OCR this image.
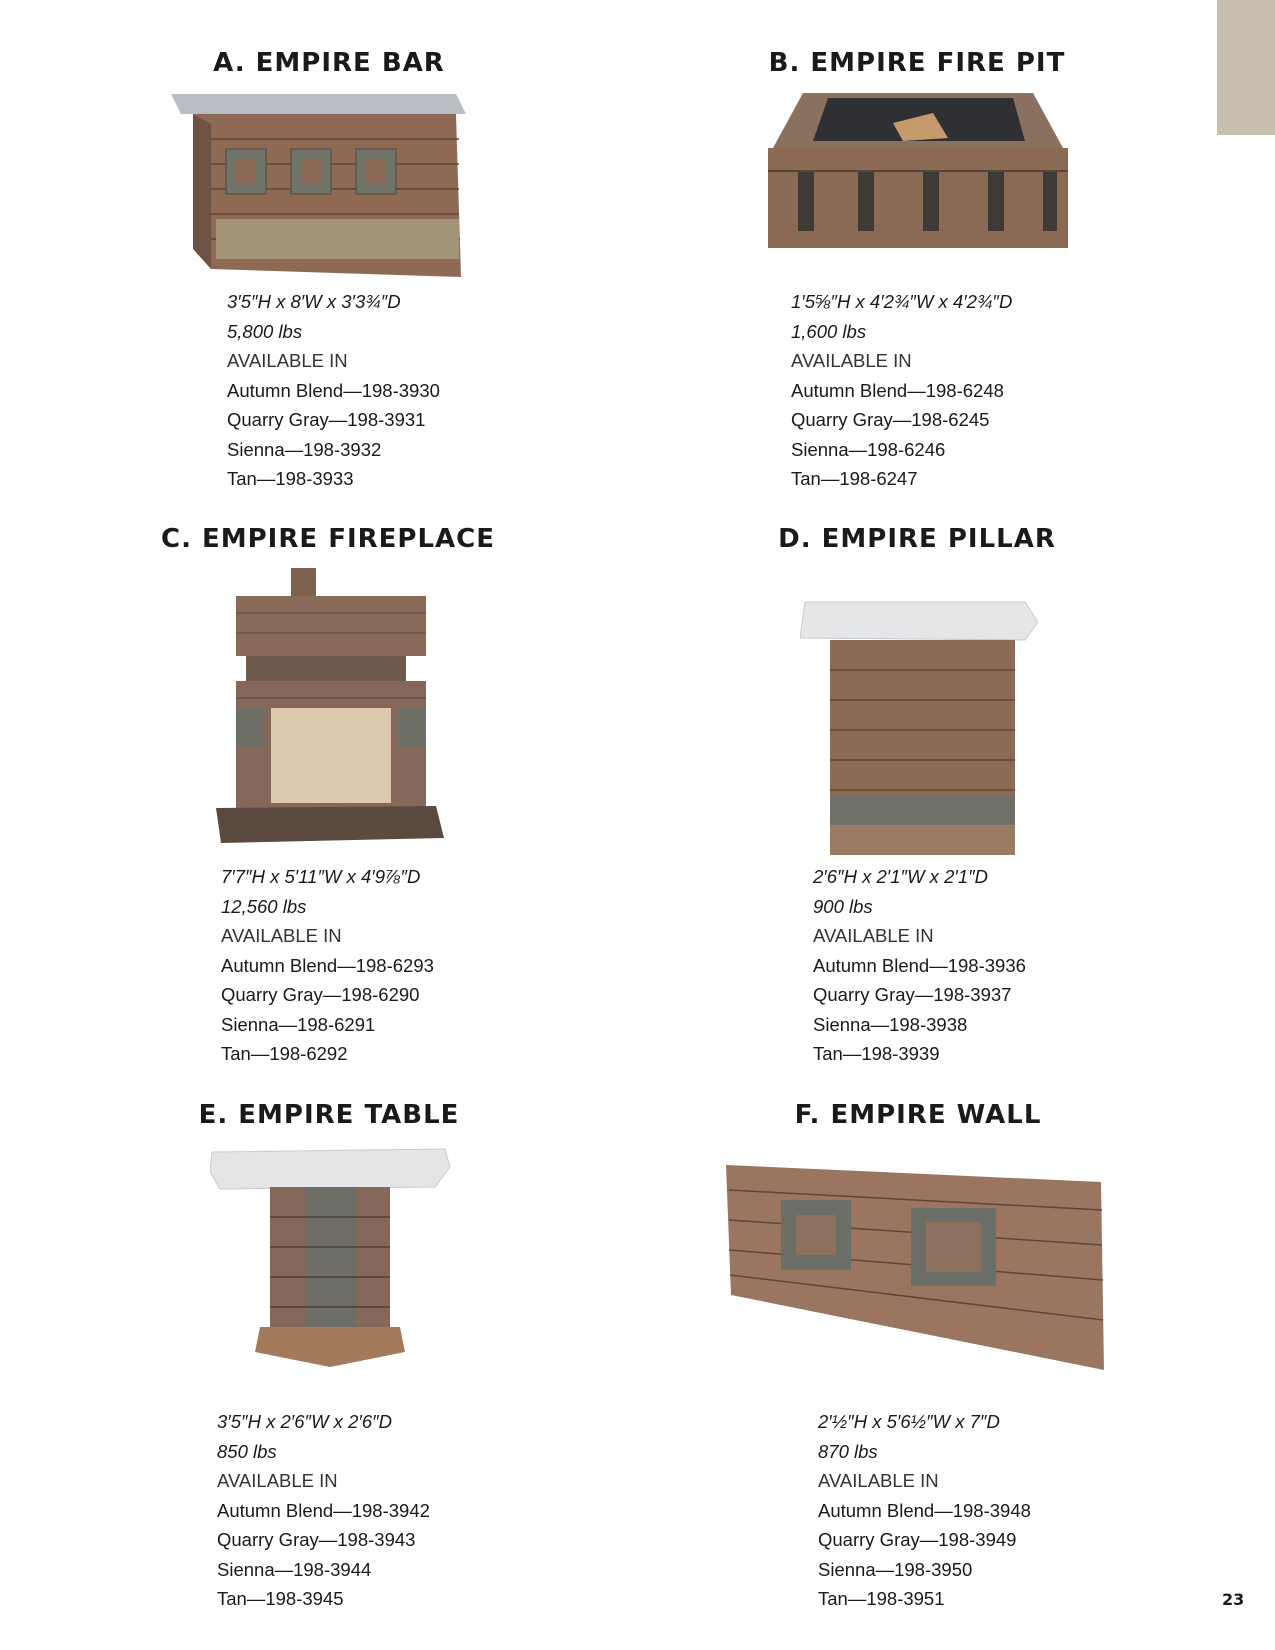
A. EMPIRE BAR	B. EMPIRE FIRE PIT
C. EMPIRE FIREPLACE	D. EMPIRE PILLAR
E. EMPIRE TABLE	F. EMPIRE WALL
3′5″H x 8′W x 3′3¾″D
5,800 lbs
AVAILABLE IN
Autumn Blend—198-3930
Quarry Gray—198-3931
Sienna—198-3932
Tan—198-3933
1′5⅝″H x 4′2¾″W x 4′2¾″D
1,600 lbs
AVAILABLE IN
Autumn Blend—198-6248
Quarry Gray—198-6245
Sienna—198-6246
Tan—198-6247
7′7″H x 5′11″W x 4′9⅞″D
12,560 lbs
AVAILABLE IN
Autumn Blend—198-6293
Quarry Gray—198-6290
Sienna—198-6291
Tan—198-6292
2′6″H x 2′1″W x 2′1″D
900 lbs
AVAILABLE IN
Autumn Blend—198-3936
Quarry Gray—198-3937
Sienna—198-3938
Tan—198-3939
3′5″H x 2′6″W x 2′6″D
850 lbs
AVAILABLE IN
Autumn Blend—198-3942
Quarry Gray—198-3943
Sienna—198-3944
Tan—198-3945
2′½″H x 5′6½″W x 7″D
870 lbs
AVAILABLE IN
Autumn Blend—198-3948
Quarry Gray—198-3949
Sienna—198-3950
Tan—198-3951	23
